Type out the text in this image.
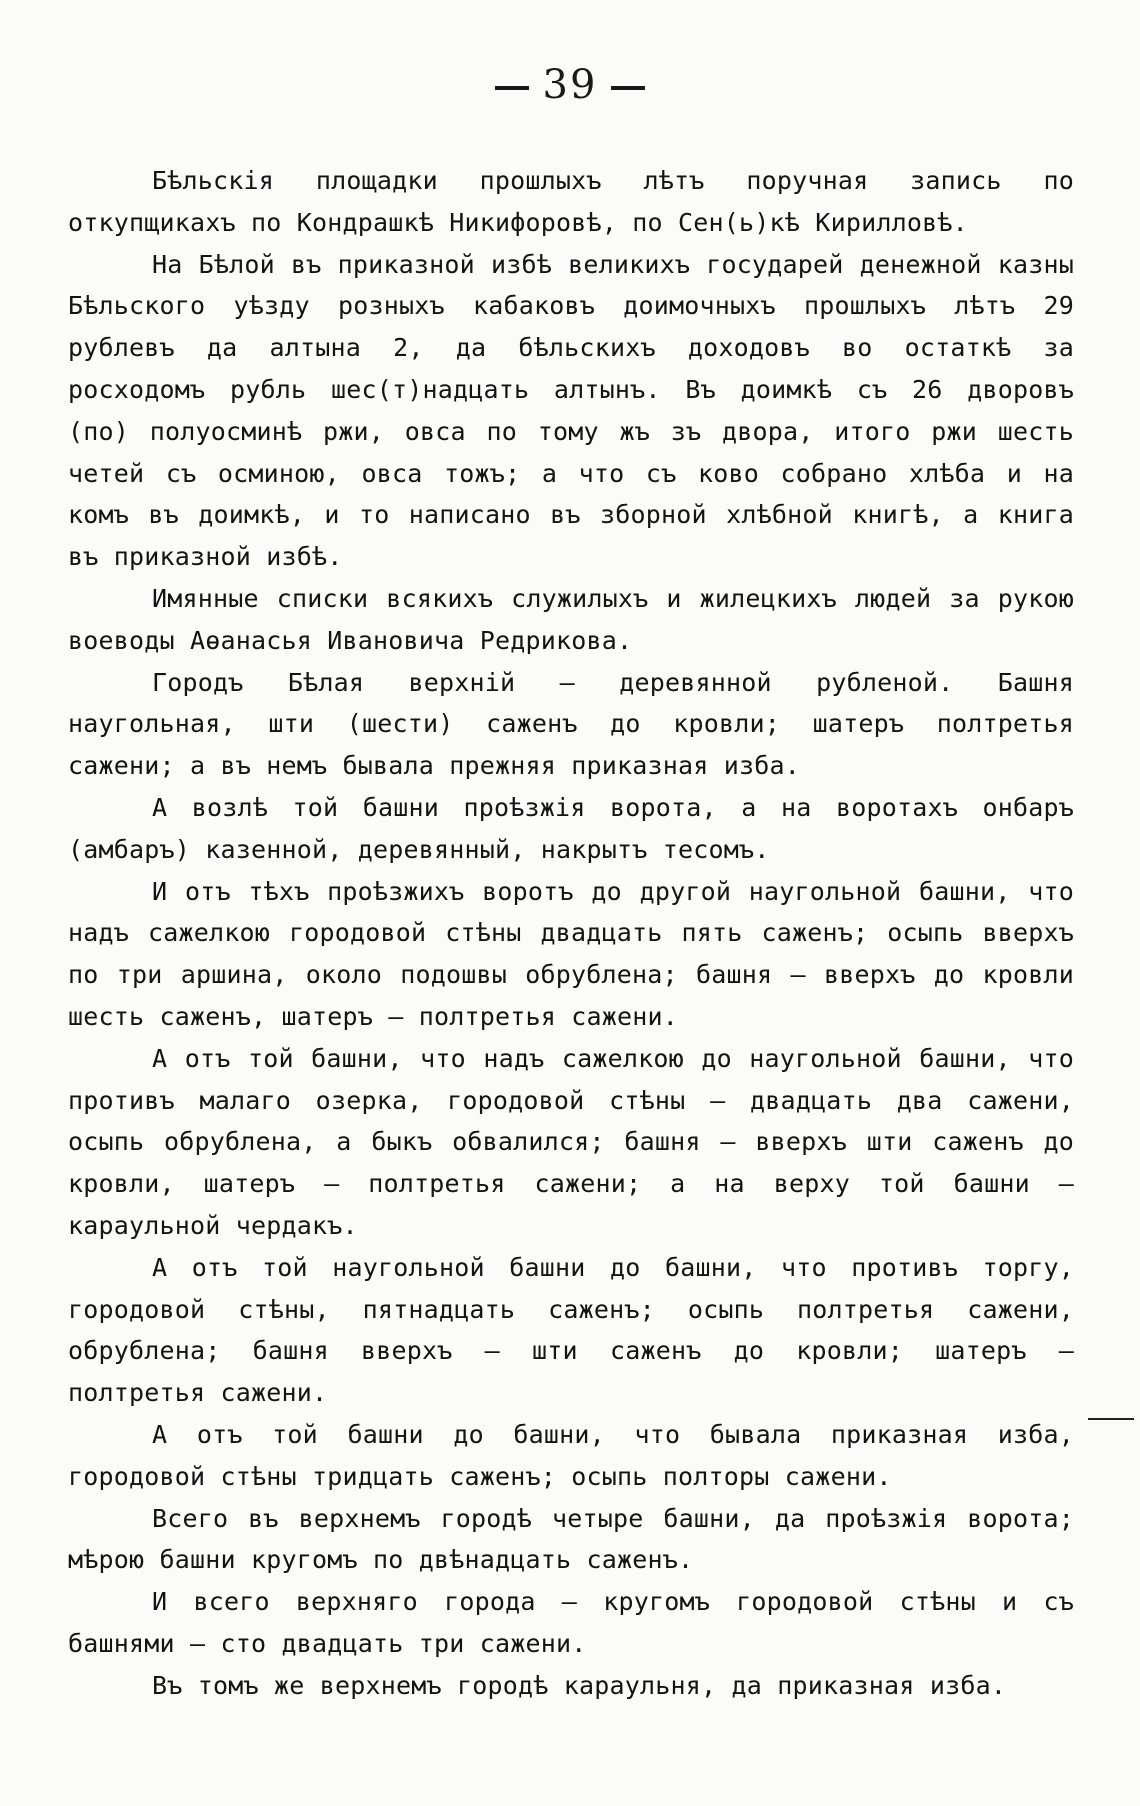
39

Бѣльскія площадки прошлыхъ лѣтъ поручная запись по откупщикахъ по Кондрашкѣ Никифоровѣ, по Сен(ь)кѣ Кирилловѣ.

На Бѣлой въ приказной избѣ великихъ государей денежной казны Бѣльского уѣзду розныхъ кабаковъ доимочныхъ прошлыхъ лѣтъ 29 рублевъ да алтына 2, да бѣльскихъ доходовъ во остаткѣ за росходомъ рубль шес(т)надцать алтынъ. Въ доимкѣ съ 26 дворовъ (по) полуосминѣ ржи, овса по тому жъ зъ двора, итого ржи шесть четей съ осминою, овса тожъ; а что съ ково собрано хлѣба и на комъ въ доимкѣ, и то написано въ зборной хлѣбной книгѣ, а книга въ приказной избѣ.

Имянные списки всякихъ служилыхъ и жилецкихъ людей за рукою воеводы Аѳанасья Ивановича Редрикова.

Городъ Бѣлая верхній — деревянной рубленой. Башня наугольная, шти (шести) саженъ до кровли; шатеръ полтретья сажени; а въ немъ бывала прежняя приказная изба.

А возлѣ той башни проѣзжія ворота, а на воротахъ онбаръ (амбаръ) казенной, деревянный, накрытъ тесомъ.

И отъ тѣхъ проѣзжихъ воротъ до другой наугольной башни, что надъ сажелкою городовой стѣны двадцать пять саженъ; осыпь вверхъ по три аршина, около подошвы обрублена; башня — вверхъ до кровли шесть саженъ, шатеръ — полтретья сажени.

А отъ той башни, что надъ сажелкою до наугольной башни, что противъ малаго озерка, городовой стѣны — двадцать два сажени, осыпь обрублена, а быкъ обвалился; башня — вверхъ шти саженъ до кровли, шатеръ — полтретья сажени; а на верху той башни — караульной чердакъ.

А отъ той наугольной башни до башни, что противъ торгу, городовой стѣны, пятнадцать саженъ; осыпь полтретья сажени, обрублена; башня вверхъ — шти саженъ до кровли; шатеръ — полтретья сажени.

А отъ той башни до башни, что бывала приказная изба, городовой стѣны тридцать саженъ; осыпь полторы сажени.

Всего въ верхнемъ городѣ четыре башни, да проѣзжія ворота; мѣрою башни кругомъ по двѣнадцать саженъ.

И всего верхняго города — кругомъ городовой стѣны и съ башнями — сто двадцать три сажени.

Въ томъ же верхнемъ городѣ караульня, да приказная изба.
